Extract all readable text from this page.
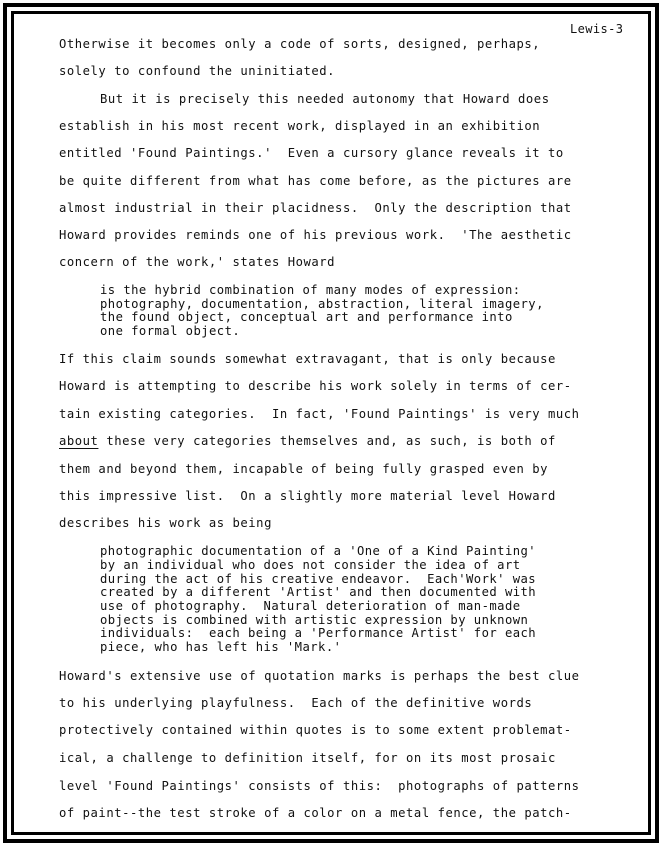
Lewis-3

Otherwise it becomes only a code of sorts, designed, perhaps,

solely to confound the uninitiated.

But it is precisely this needed autonomy that Howard does

establish in his most recent work, displayed in an exhibition

entitled 'Found Paintings.'  Even a cursory glance reveals it to

be quite different from what has come before, as the pictures are

almost industrial in their placidness.  Only the description that

Howard provides reminds one of his previous work.  'The aesthetic

concern of the work,' states Howard

is the hybrid combination of many modes of expression:

photography, documentation, abstraction, literal imagery,

the found object, conceptual art and performance into

one formal object.

If this claim sounds somewhat extravagant, that is only because

Howard is attempting to describe his work solely in terms of cer-

tain existing categories.  In fact, 'Found Paintings' is very much

about these very categories themselves and, as such, is both of

them and beyond them, incapable of being fully grasped even by

this impressive list.  On a slightly more material level Howard

describes his work as being

photographic documentation of a 'One of a Kind Painting'

by an individual who does not consider the idea of art

during the act of his creative endeavor.  Each'Work' was

created by a different 'Artist' and then documented with

use of photography.  Natural deterioration of man-made

objects is combined with artistic expression by unknown

individuals:  each being a 'Performance Artist' for each

piece, who has left his 'Mark.'

Howard's extensive use of quotation marks is perhaps the best clue

to his underlying playfulness.  Each of the definitive words

protectively contained within quotes is to some extent problemat-

ical, a challenge to definition itself, for on its most prosaic

level 'Found Paintings' consists of this:  photographs of patterns

of paint--the test stroke of a color on a metal fence, the patch-
